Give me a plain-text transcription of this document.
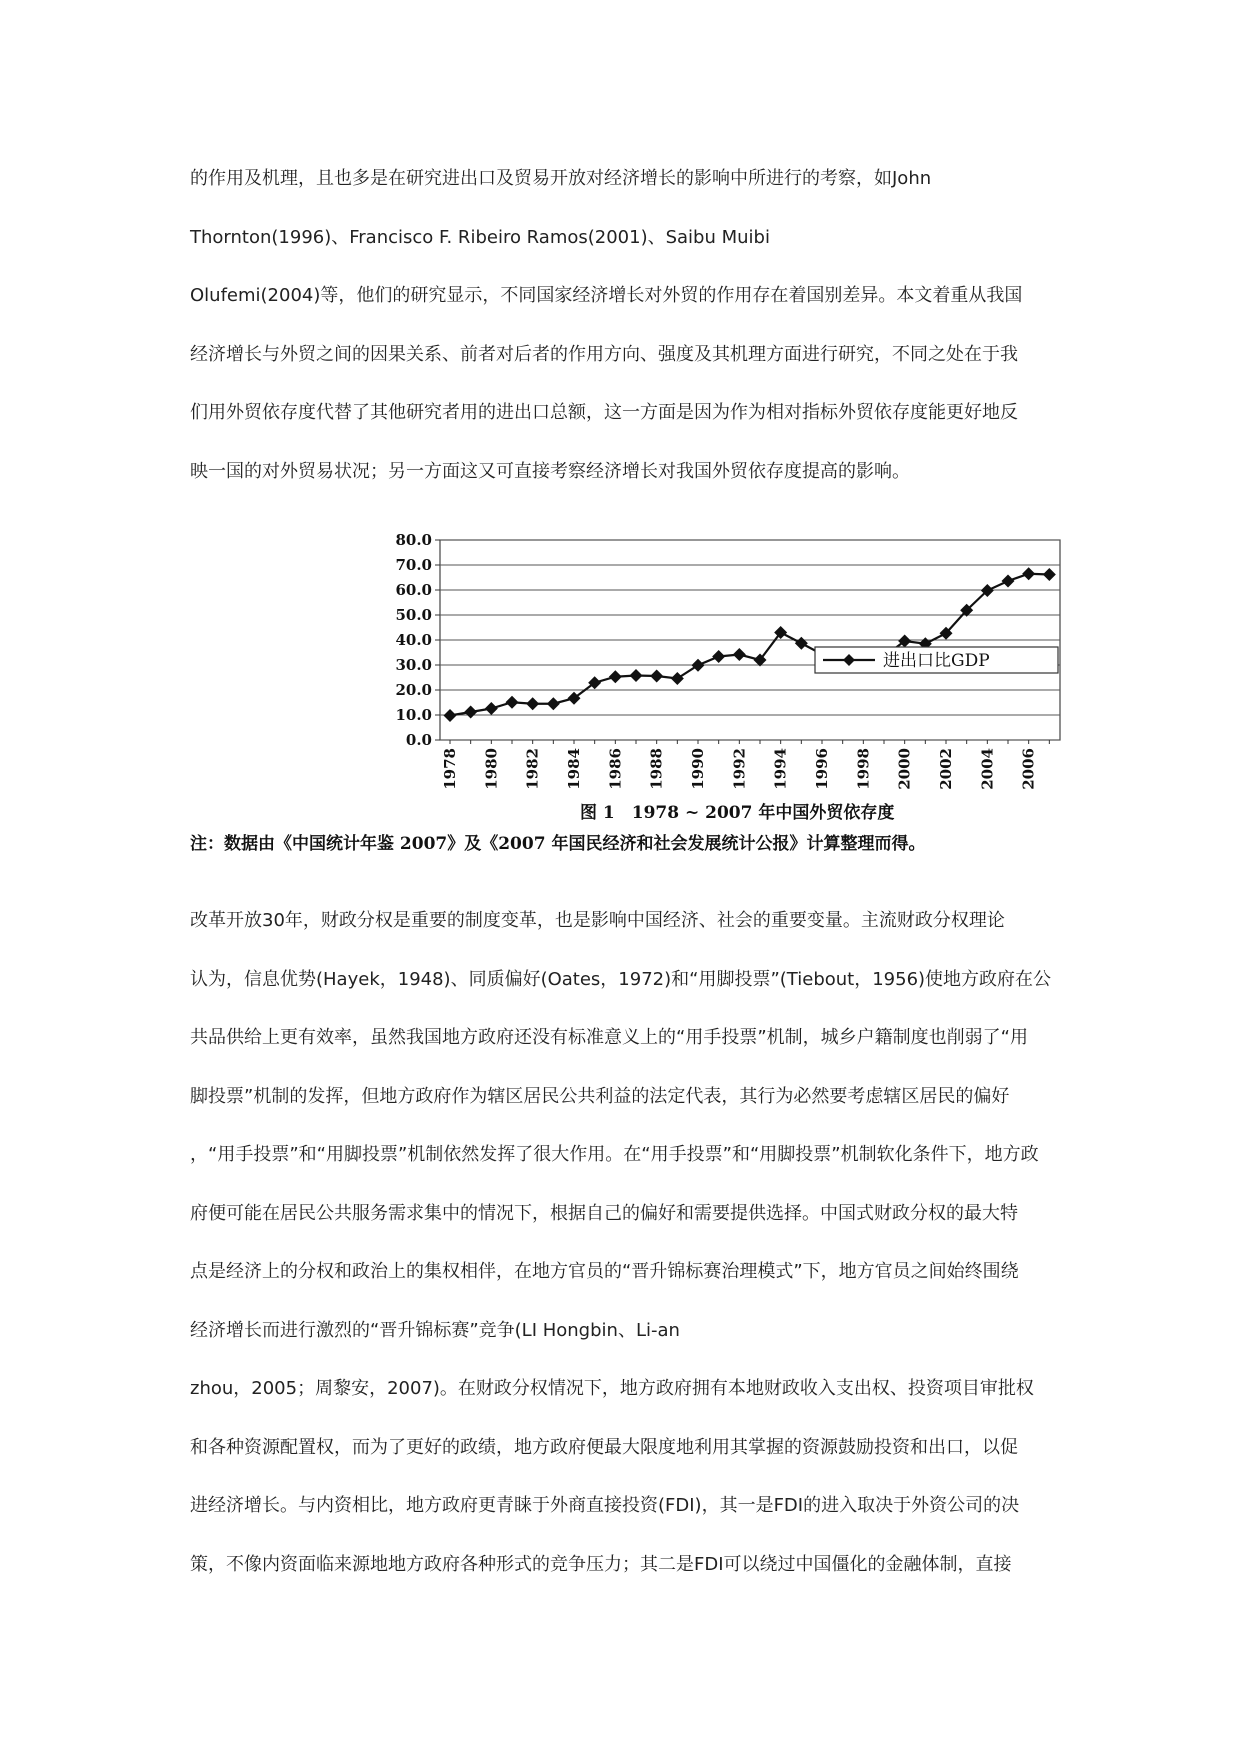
的作用及机理，且也多是在研究进出口及贸易开放对经济增长的影响中所进行的考察，如John
Thornton(1996)、Francisco F. Ribeiro Ramos(2001)、Saibu Muibi
Olufemi(2004)等，他们的研究显示，不同国家经济增长对外贸的作用存在着国别差异。本文着重从我国
经济增长与外贸之间的因果关系、前者对后者的作用方向、强度及其机理方面进行研究，不同之处在于我
们用外贸依存度代替了其他研究者用的进出口总额，这一方面是因为作为相对指标外贸依存度能更好地反
映一国的对外贸易状况；另一方面这又可直接考察经济增长对我国外贸依存度提高的影响。
0.0
10.0
20.0
30.0
40.0
50.0
60.0
70.0
80.0
1978 1980 1982 1984 1986 1988 1990 1992 1994 1996 1998 2000 2002 2004 2006
进出口比GDP
图 1　1978 ~ 2007 年中国外贸依存度
注：数据由《中国统计年鉴 2007》及《2007 年国民经济和社会发展统计公报》计算整理而得。
改革开放30年，财政分权是重要的制度变革，也是影响中国经济、社会的重要变量。主流财政分权理论
认为，信息优势(Hayek，1948)、同质偏好(Oates，1972)和“用脚投票”(Tiebout，1956)使地方政府在公
共品供给上更有效率，虽然我国地方政府还没有标准意义上的“用手投票”机制，城乡户籍制度也削弱了“用
脚投票”机制的发挥，但地方政府作为辖区居民公共利益的法定代表，其行为必然要考虑辖区居民的偏好
，“用手投票”和“用脚投票”机制依然发挥了很大作用。在“用手投票”和“用脚投票”机制软化条件下，地方政
府便可能在居民公共服务需求集中的情况下，根据自己的偏好和需要提供选择。中国式财政分权的最大特
点是经济上的分权和政治上的集权相伴，在地方官员的“晋升锦标赛治理模式”下，地方官员之间始终围绕
经济增长而进行激烈的“晋升锦标赛”竞争(LI Hongbin、Li-an
zhou，2005；周黎安，2007)。在财政分权情况下，地方政府拥有本地财政收入支出权、投资项目审批权
和各种资源配置权，而为了更好的政绩，地方政府便最大限度地利用其掌握的资源鼓励投资和出口，以促
进经济增长。与内资相比，地方政府更青睐于外商直接投资(FDI)，其一是FDI的进入取决于外资公司的决
策，不像内资面临来源地地方政府各种形式的竞争压力；其二是FDI可以绕过中国僵化的金融体制，直接
